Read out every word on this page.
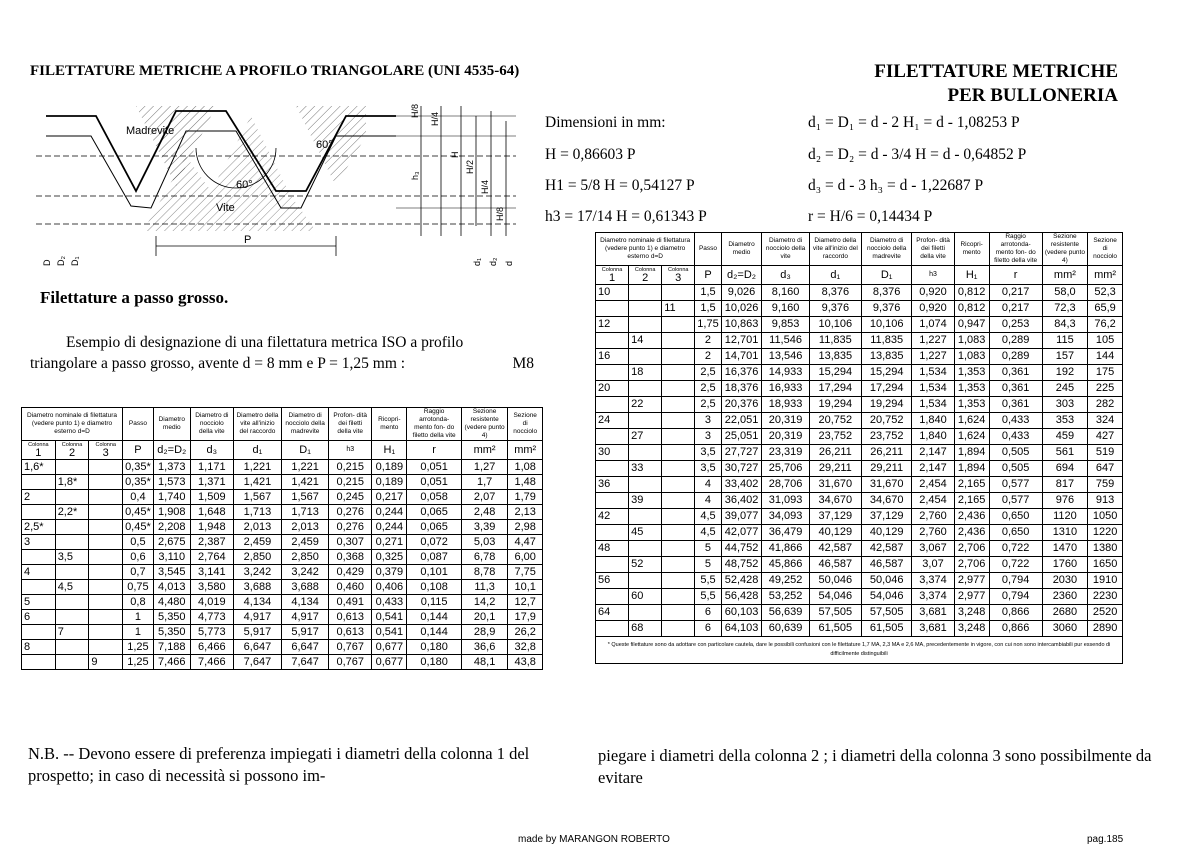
FILETTATURE METRICHE A PROFILO TRIANGOLARE (UNI 4535-64)	FILETTATURE METRICHE
PER BULLONERIA
Madrevite
Vite
60°
60°
P
H/8
H/4
H
H/2
h₃
H/4
H/8
D D₂ D₁	d₁ d₂ d
Dimensioni in mm:	d₁ = D₁ = d - 2 H₁ = d - 1,08253 P
H = 0,86603 P	d₂ = D₂ = d - 3/4 H = d - 0,64852 P
H1 = 5/8 H = 0,54127 P	d₃ = d - 3 h₃ = d - 1,22687 P
h3 = 17/14 H = 0,61343 P	r = H/6 = 0,14434 P
Filettature a passo grosso.
Esempio di designazione di una filettatura metrica ISO a profilo
triangolare a passo grosso, avente d = 8 mm e P = 1,25 mm :	M8
Diametro nominale di filettatura (vedere punto 1) e diametro esterno d=D			Passo	Diametro medio	Diametro di nocciolo della vite	Diametro della vite all'inizio del raccordo	Diametro di nocciolo della madrevite	Profon- dità dei filetti della vite	Ricopri- mento	Raggio arrotonda- mento fon- do filetto della vite	Sezione resistente (vedere punto 4)	Sezione di nocciolo
Colonna
1	Colonna
2	Colonna
3	P	d₂=D₂	d₃	d₁	D₁	h3	H₁	r	mm²	mm²
1,6*			0,35*	1,373	1,171	1,221	1,221	0,215	0,189	0,051	1,27	1,08
	1,8*		0,35*	1,573	1,371	1,421	1,421	0,215	0,189	0,051	1,7	1,48
2			0,4	1,740	1,509	1,567	1,567	0,245	0,217	0,058	2,07	1,79
	2,2*		0,45*	1,908	1,648	1,713	1,713	0,276	0,244	0,065	2,48	2,13
2,5*			0,45*	2,208	1,948	2,013	2,013	0,276	0,244	0,065	3,39	2,98
3			0,5	2,675	2,387	2,459	2,459	0,307	0,271	0,072	5,03	4,47
	3,5		0,6	3,110	2,764	2,850	2,850	0,368	0,325	0,087	6,78	6,00
4			0,7	3,545	3,141	3,242	3,242	0,429	0,379	0,101	8,78	7,75
	4,5		0,75	4,013	3,580	3,688	3,688	0,460	0,406	0,108	11,3	10,1
5			0,8	4,480	4,019	4,134	4,134	0,491	0,433	0,115	14,2	12,7
6			1	5,350	4,773	4,917	4,917	0,613	0,541	0,144	20,1	17,9
	7		1	5,350	5,773	5,917	5,917	0,613	0,541	0,144	28,9	26,2
8			1,25	7,188	6,466	6,647	6,647	0,767	0,677	0,180	36,6	32,8
		9	1,25	7,466	7,466	7,647	7,647	0,767	0,677	0,180	48,1	43,8
Diametro nominale di filettatura (vedere punto 1) e diametro esterno d=D			Passo	Diametro medio	Diametro di nocciolo della vite	Diametro della vite all'inizio del raccordo	Diametro di nocciolo della madrevite	Profon- dità dei filetti della vite	Ricopri- mento	Raggio arrotonda- mento fon- do filetto della vite	Sezione resistente (vedere punto 4)	Sezione di nocciolo
Colonna
1	Colonna
2	Colonna
3	P	d₂=D₂	d₃	d₁	D₁	h3	H₁	r	mm²	mm²
10			1,5	9,026	8,160	8,376	8,376	0,920	0,812	0,217	58,0	52,3
		11	1,5	10,026	9,160	9,376	9,376	0,920	0,812	0,217	72,3	65,9
12			1,75	10,863	9,853	10,106	10,106	1,074	0,947	0,253	84,3	76,2
	14		2	12,701	11,546	11,835	11,835	1,227	1,083	0,289	115	105
16			2	14,701	13,546	13,835	13,835	1,227	1,083	0,289	157	144
	18		2,5	16,376	14,933	15,294	15,294	1,534	1,353	0,361	192	175
20			2,5	18,376	16,933	17,294	17,294	1,534	1,353	0,361	245	225
	22		2,5	20,376	18,933	19,294	19,294	1,534	1,353	0,361	303	282
24			3	22,051	20,319	20,752	20,752	1,840	1,624	0,433	353	324
	27		3	25,051	20,319	23,752	23,752	1,840	1,624	0,433	459	427
30			3,5	27,727	23,319	26,211	26,211	2,147	1,894	0,505	561	519
	33		3,5	30,727	25,706	29,211	29,211	2,147	1,894	0,505	694	647
36			4	33,402	28,706	31,670	31,670	2,454	2,165	0,577	817	759
	39		4	36,402	31,093	34,670	34,670	2,454	2,165	0,577	976	913
42			4,5	39,077	34,093	37,129	37,129	2,760	2,436	0,650	1120	1050
	45		4,5	42,077	36,479	40,129	40,129	2,760	2,436	0,650	1310	1220
48			5	44,752	41,866	42,587	42,587	3,067	2,706	0,722	1470	1380
	52		5	48,752	45,866	46,587	46,587	3,07	2,706	0,722	1760	1650
56			5,5	52,428	49,252	50,046	50,046	3,374	2,977	0,794	2030	1910
	60		5,5	56,428	53,252	54,046	54,046	3,374	2,977	0,794	2360	2230
64			6	60,103	56,639	57,505	57,505	3,681	3,248	0,866	2680	2520
	68		6	64,103	60,639	61,505	61,505	3,681	3,248	0,866	3060	2890
* Queste filettature sono da adottare con particolare cautela, dare le possibili confusioni con le filettature 1,7 MA, 2,3 MA e 2,6 MA, precedentemente in vigore, con cui non sono intercambiabili pur essendo di difficilmente distinguibili												
N.B. -- Devono essere di preferenza impiegati i diametri della colonna 1 del prospetto; in caso di necessità si possono im-
piegare i diametri della colonna 2 ; i diametri della colonna 3 sono possibilmente da evitare
made by MARANGON ROBERTO	pag.185
